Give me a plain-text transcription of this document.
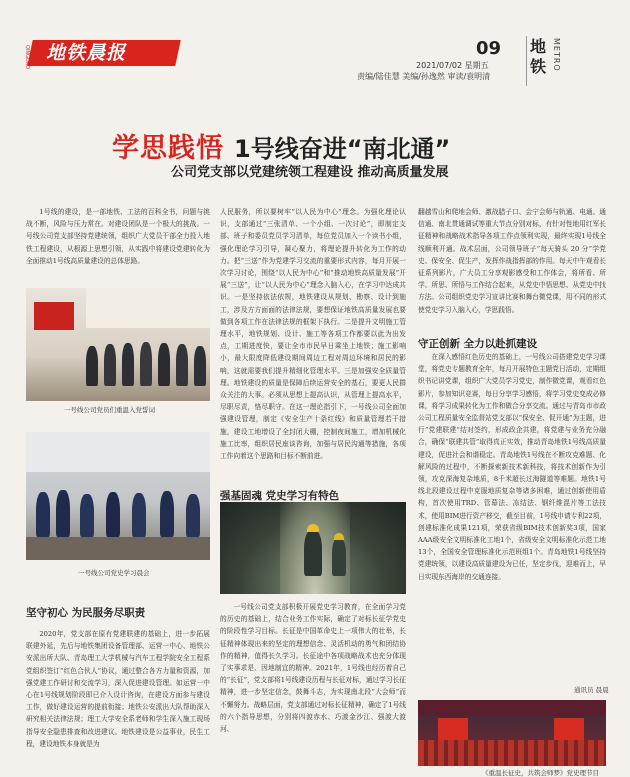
QINGDAO 地铁晨报	09
2021/07/02 星期五
责编/陆佳慧 美编/孙逸然 审读/袁明清
地铁 METRO
学思践悟 1号线奋进“南北通”
公司党支部以党建统领工程建设 推动高质量发展

1号线的建设，是一部地铁、工法的百科全书，问题与挑战不断，风险与压力常在。对建设团队是一个极大的挑战。一号线公司党支部坚持党建统领，组织广大党员干部全力投入地铁工程建设，从根源上思想引领，从实践中将建设党建转化为全面推动1号线高质量建设的总体思路。

一号线公司党员们重温入党誓词
一号线公司党史学习晨会
坚守初心 为民服务尽职责

2020年，党支部在原有党建联建的基础上，进一步拓展联建外延，先后与地铁集团设备管理部、运营一中心、地铁公安派出所大队、青岛理工大学机械与汽车工程学院安全工程系党组织签订“红色合伙人”协议，通过整合各方力量和资源，加强党建工作研讨和交流学习，深入促进建设管理。如运营一中心在1号线规划阶段即已介入设计咨询，在建设方面参与建设工作，做好建设运营的提前衔接；地铁公安派出大队帮助深入研究相关法律法规；理工大学安全系老师和学生深入施工现场指导安全隐患排查和改进建议。地铁建设是公益事业，民生工程，建设地铁本身就是为

人民服务，所以要树牢“以人民为中心”理念。为强化理论认识，支部通过“三张清单、一个小组、一次讨论”，即制定支部、班子和委员党员学习清单，每位党员加入一个读书小组，强化理论学习引导，凝心聚力，将理论提升转化为工作的动力。把“三送”作为党建学习交流的重要形式内容，每月开展一次学习讨论，围绕“以人民为中心”和“推动地铁高质量发展”开展“三送”，让“以人民为中心”理念入脑入心，在学习中达成共识。一是坚持依法依规，地铁建设从规划、勘察、设计到施工，涉及方方面面的法律法规，要想保证地铁高质量发展也要做到各项工作在法律法规的框架下执行。二是提升文明施工管理水平，地铁规划、设计、施工等各项工作都要以此为出发点，工期进度快，要让全市市民早日乘坐上地铁；施工影响小，最大限度降低建设期间周边工程对周边环境和居民的影响，这就需要我们提升精细化管理水平。三是加强安全质量管理。地铁建设的质量是保障后续运营安全的基石，要更人民群众关注的大事。必须从思想上提高认识，从管理上提高水平，尽职尽责，恪尽职守。在这一理论指引下，一号线公司全面加强建设管理，制定《安全生产十条红线》和质量管理若干措施，建设工地增设了全封闭大棚，控制夜间施工，增加机械化施工比率，组织居民座谈咨询，加强与居民沟通等措施，各项工作向着这个思路和目标不断前进。

强基固魂 党史学习有特色

一号线公司党支部积极开展党史学习教育，在全面学习党的历史的基础上，结合业务工作实际，确定了对标长征学党史的阶段性学习目标。长征是中国革命史上一项伟大的壮举，长征精神体现出来的坚定的理想信念、灵活机动的勇气和团结协作的精神，值得长久学习。长征途中各项战略战术也充分体现了实事求是、因地制宜的精神。2021年，1号线也经历着自己的“长征”，党支部将1号线建设历程与长征对标，通过学习长征精神，进一步坚定信念，鼓舞斗志，为实现南北段“大会师”而不懈努力。战略层面，党支部通过对标长征精神，确定了1号线的六个指导思想，分别将四渡赤水、巧渡金沙江、强渡大渡河、

翻越雪山和爬地会师、激战腊子口、会宁会师与轨通、电通、通信通、南北贯通调试等重大节点分别对标，有针对性地用红军长征精神和战略战术指导各项工作点领利实现，最终实现1号线全线顺利开通。战术层面，公司领导班子“每天骑头 20 分”学党史、保安全、促生产，发挥作战指挥部的作用。每天中午观看长征系列影片，广大员工分享观影感受和工作体会，将所看、所学、所思、所悟与工作结合起来，从党史中悟思想、从党史中找方法。公司组织党史学习宣讲比赛和舞台微党课，用不同的形式使党史学习入脑入心，学思践悟。

守正创新 全力以赴抓建设

在深入感悟红色历史的基础上，一号线公司搭建党史学习课堂，将党史专题教育全年，每月开展特色主题党日活动，定期组织书记讲党课，组织广大党员学习党史，制作微党课，观看红色影片，参加知识竞赛，每日分享学习感悟，将学习党史变成必修课，将学习成果转化为工作和做合分享交流。通过与青岛市市政公司工程质量安全监督站党支部以“保安全、促开通”为主题，进行“党建联建”结对签约，形成政企共建，将党建与业务充分融合，确保“联建共管”取得真正实效，推动青岛地铁1号线高质量建设，促进社会和谐稳定。青岛地铁1号线在不断攻克难题、化解风险的过程中，不断探索新技术新科技，将技术创新作为引领，攻克深海复杂地质，8千米超长过海隧道等难题。地铁1号线北段建设过程中克服地质复杂等诸多困难，通过创新使用盾构，首次使用TRD、管幕法、冻结法、钢纤维混片等工法技术，使用BIM进行资产移交，截至目前，1号线申请专利22项，创建标准化成果121项，荣获省级BIM技术创新奖3项，国家AAA级安全文明标准化工地1个，省级安全文明标准化示范工地13个，全国安全管理标准化示范班组1个。青岛地铁1号线坚持党建统领，以建设高质量建设为已任，坚定步伐，迎难而上，早日实现东西海岸的交通连接。

通讯员 晨晨
《重温长征史，共筑会师梦》党史理节目
